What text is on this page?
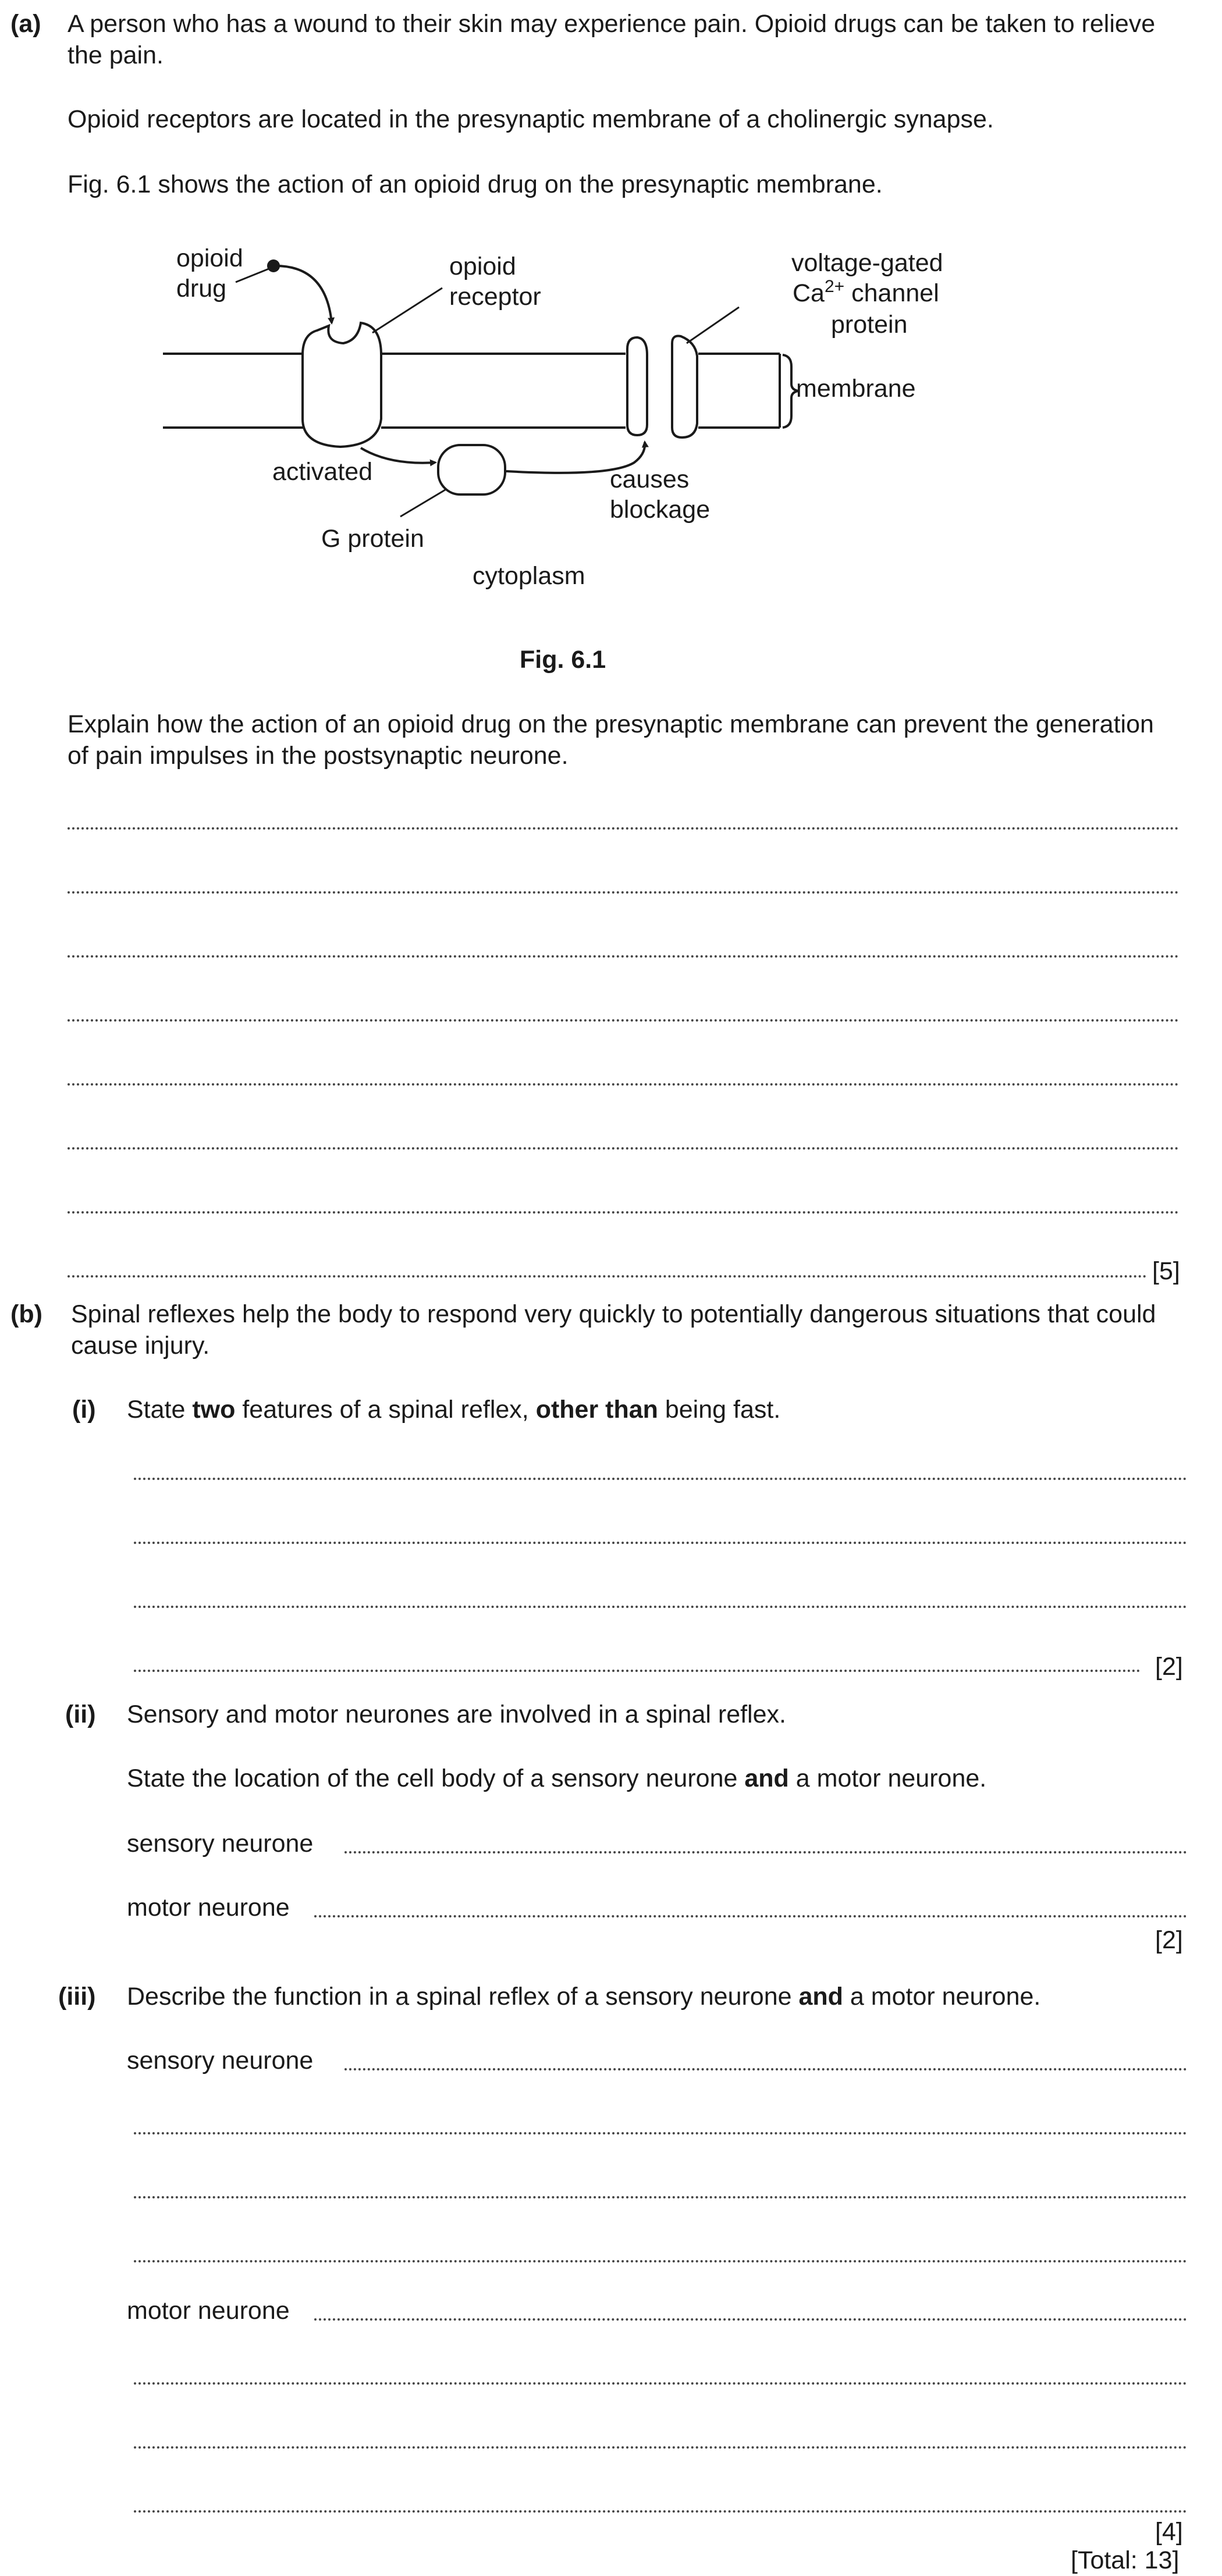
(a) A person who has a wound to their skin may experience pain. Opioid drugs can be taken to relieve the pain.
Opioid receptors are located in the presynaptic membrane of a cholinergic synapse.
Fig. 6.1 shows the action of an opioid drug on the presynaptic membrane.
opioid
drug
opioid
receptor
voltage-gated
$Ca^{2+}$ channel
protein
membrane
activated	causes
blockage
G protein
cytoplasm
Fig. 6.1
Explain how the action of an opioid drug on the presynaptic membrane can prevent the generation of pain impulses in the postsynaptic neurone.
[5]
(b) Spinal reflexes help the body to respond very quickly to potentially dangerous situations that could cause injury.
(i) State two features of a spinal reflex, other than being fast.
[2]
(ii) Sensory and motor neurones are involved in a spinal reflex.
State the location of the cell body of a sensory neurone and a motor neurone.
sensory neurone
motor neurone
[2]
(iii) Describe the function in a spinal reflex of a sensory neurone and a motor neurone.
sensory neurone
motor neurone
[4]
[Total: 13]
